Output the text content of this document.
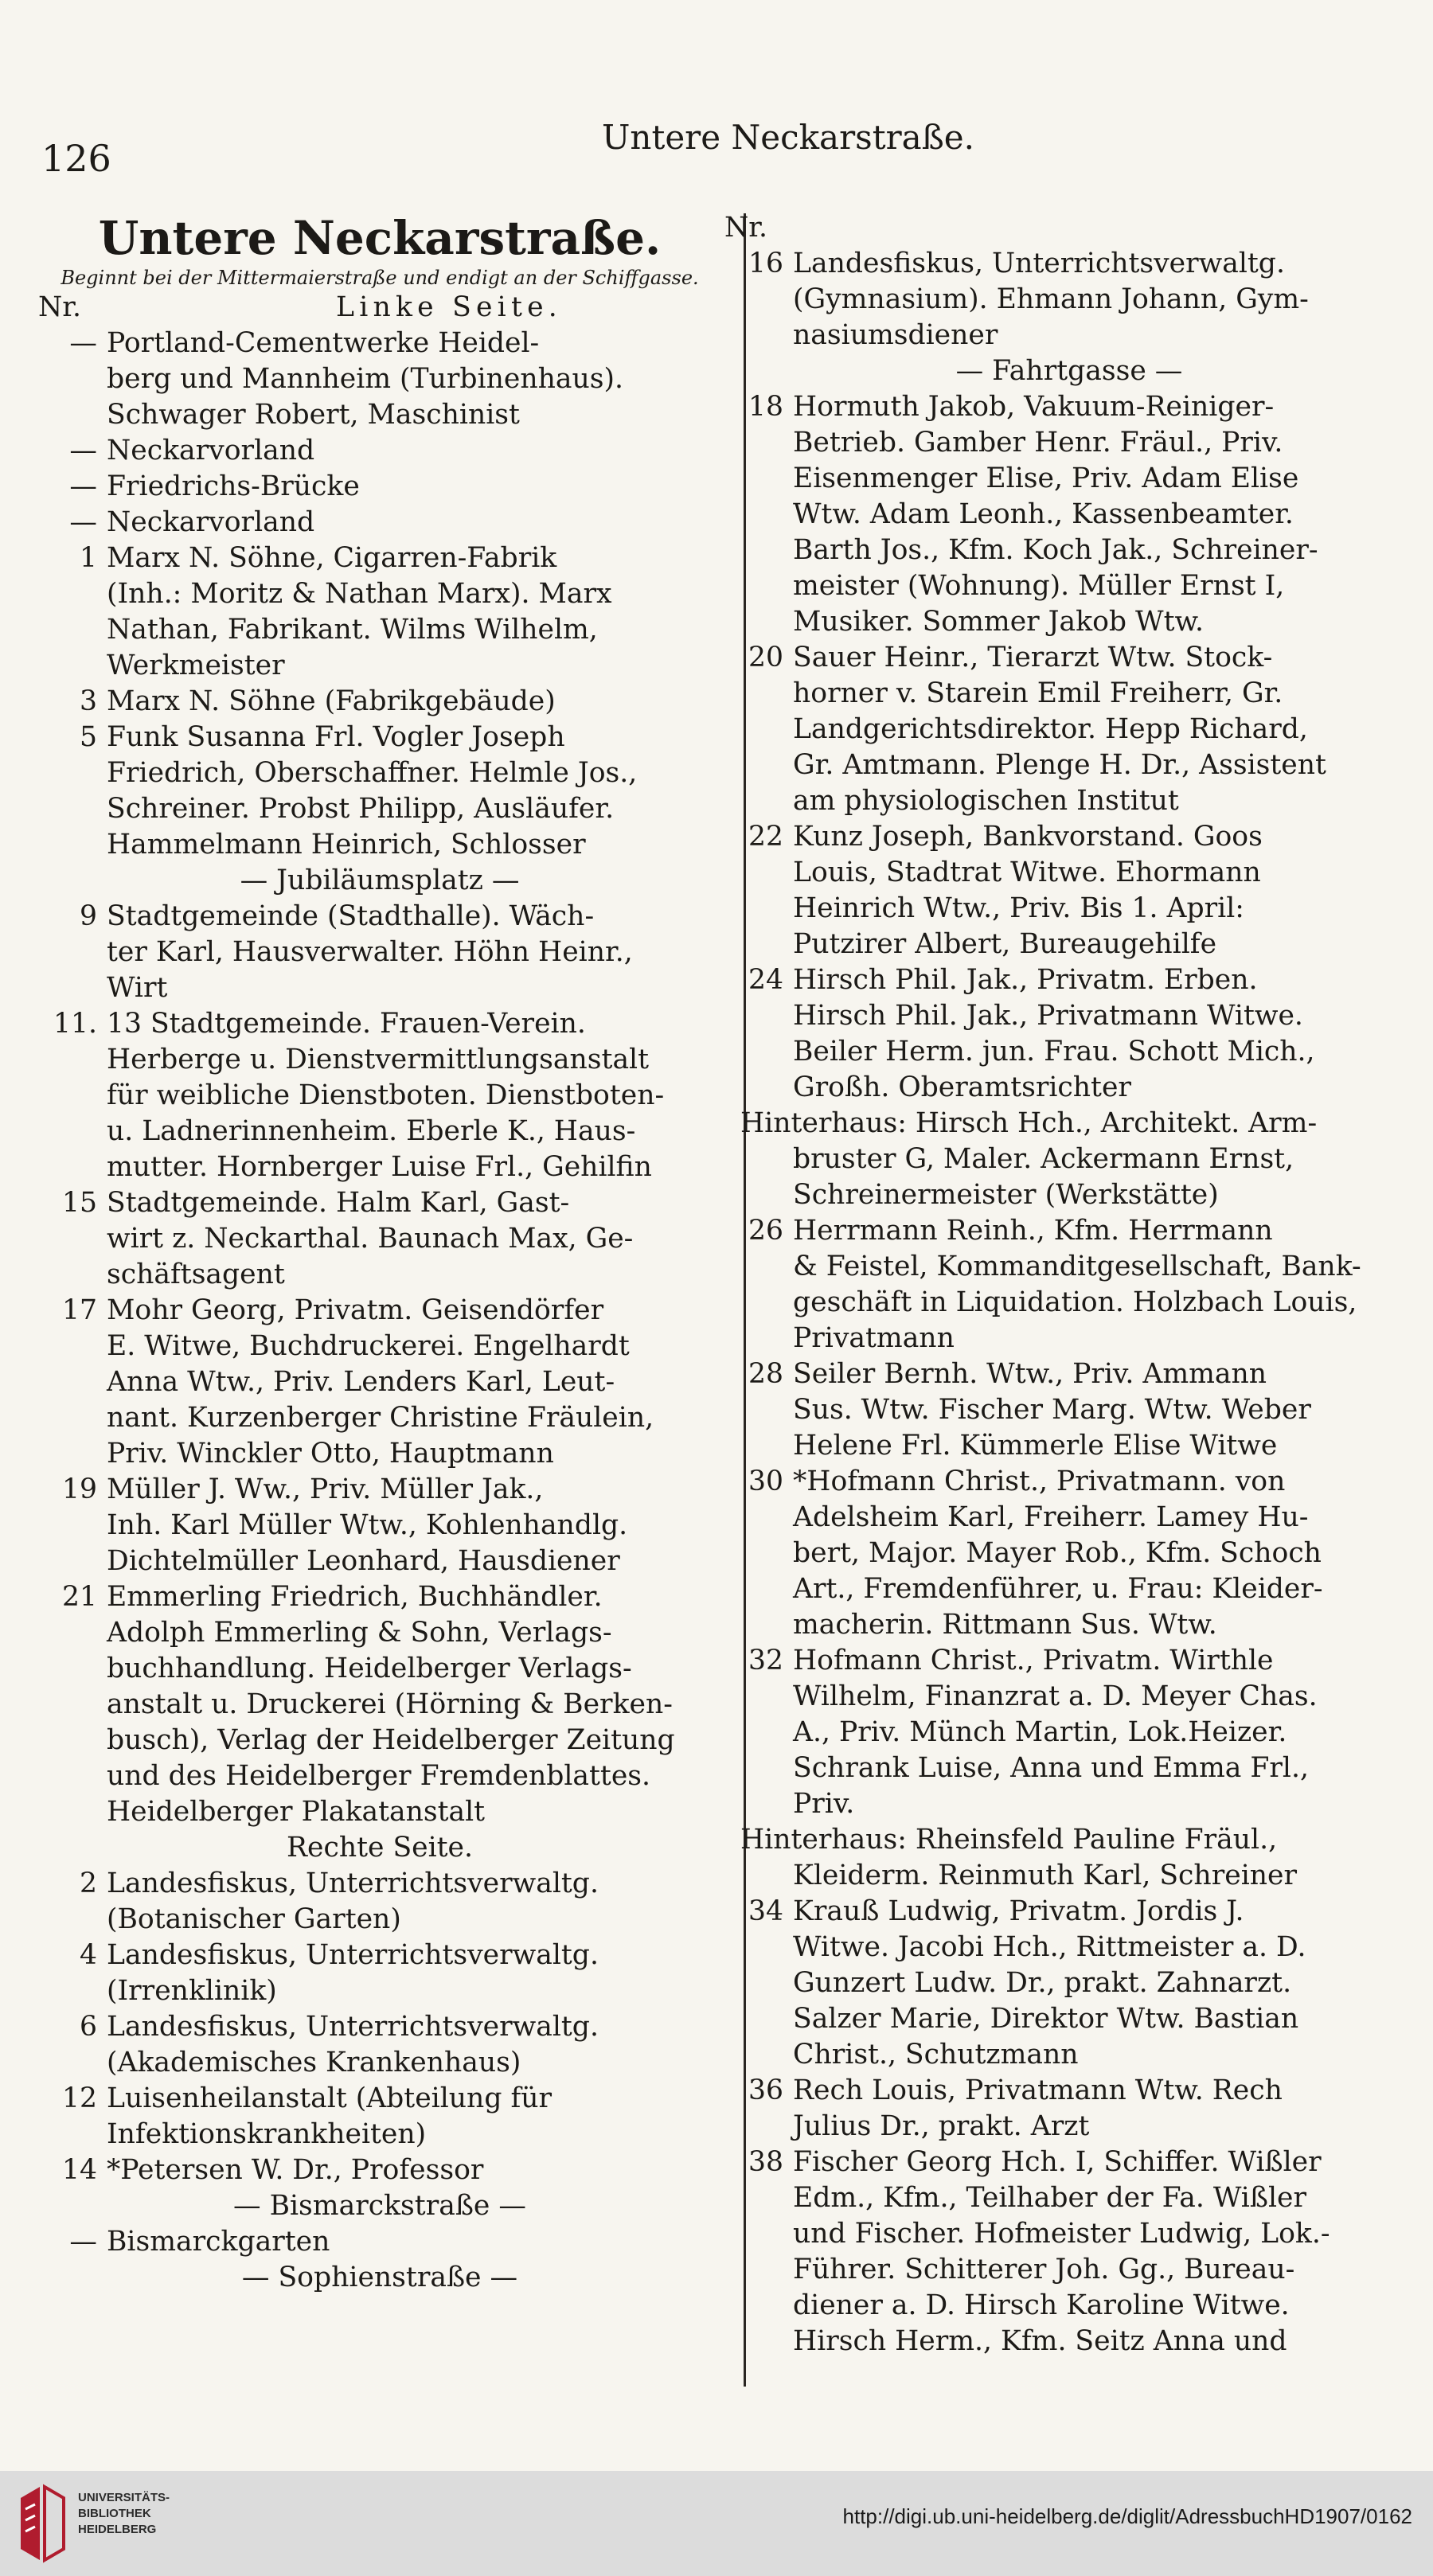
126	Untere Neckarstraße.
Untere Neckarstraße.
Beginnt bei der Mittermaierstraße und endigt an der Schiffgasse.
Nr.	Linke Seite.
— Portland-Cementwerke Heidel-
berg und Mannheim (Turbinenhaus).
Schwager Robert, Maschinist
— Neckarvorland
— Friedrichs-Brücke
— Neckarvorland
1 Marx N. Söhne, Cigarren-Fabrik
(Inh.: Moritz & Nathan Marx). Marx
Nathan, Fabrikant. Wilms Wilhelm,
Werkmeister
3 Marx N. Söhne (Fabrikgebäude)
5 Funk Susanna Frl. Vogler Joseph
Friedrich, Oberschaffner. Helmle Jos.,
Schreiner. Probst Philipp, Ausläufer.
Hammelmann Heinrich, Schlosser
— Jubiläumsplatz —
9 Stadtgemeinde (Stadthalle). Wäch-
ter Karl, Hausverwalter. Höhn Heinr.,
Wirt
11. 13 Stadtgemeinde. Frauen-Verein.
Herberge u. Dienstvermittlungsanstalt
für weibliche Dienstboten. Dienstboten-
u. Ladnerinnenheim. Eberle K., Haus-
mutter. Hornberger Luise Frl., Gehilfin
15 Stadtgemeinde. Halm Karl, Gast-
wirt z. Neckarthal. Baunach Max, Ge-
schäftsagent
17 Mohr Georg, Privatm. Geisendörfer
E. Witwe, Buchdruckerei. Engelhardt
Anna Wtw., Priv. Lenders Karl, Leut-
nant. Kurzenberger Christine Fräulein,
Priv. Winckler Otto, Hauptmann
19 Müller J. Ww., Priv. Müller Jak.,
Inh. Karl Müller Wtw., Kohlenhandlg.
Dichtelmüller Leonhard, Hausdiener
21 Emmerling Friedrich, Buchhändler.
Adolph Emmerling & Sohn, Verlags-
buchhandlung. Heidelberger Verlags-
anstalt u. Druckerei (Hörning & Berken-
busch), Verlag der Heidelberger Zeitung
und des Heidelberger Fremdenblattes.
Heidelberger Plakatanstalt
Rechte Seite.
2 Landesfiskus, Unterrichtsverwaltg.
(Botanischer Garten)
4 Landesfiskus, Unterrichtsverwaltg.
(Irrenklinik)
6 Landesfiskus, Unterrichtsverwaltg.
(Akademisches Krankenhaus)
12 Luisenheilanstalt (Abteilung für
Infektionskrankheiten)
14 *Petersen W. Dr., Professor
— Bismarckstraße —
— Bismarckgarten
— Sophienstraße —
Nr.
16 Landesfiskus, Unterrichtsverwaltg.
(Gymnasium). Ehmann Johann, Gym-
nasiumsdiener
— Fahrtgasse —
18 Hormuth Jakob, Vakuum-Reiniger-
Betrieb. Gamber Henr. Fräul., Priv.
Eisenmenger Elise, Priv. Adam Elise
Wtw. Adam Leonh., Kassenbeamter.
Barth Jos., Kfm. Koch Jak., Schreiner-
meister (Wohnung). Müller Ernst I,
Musiker. Sommer Jakob Wtw.
20 Sauer Heinr., Tierarzt Wtw. Stock-
horner v. Starein Emil Freiherr, Gr.
Landgerichtsdirektor. Hepp Richard,
Gr. Amtmann. Plenge H. Dr., Assistent
am physiologischen Institut
22 Kunz Joseph, Bankvorstand. Goos
Louis, Stadtrat Witwe. Ehormann
Heinrich Wtw., Priv. Bis 1. April:
Putzirer Albert, Bureaugehilfe
24 Hirsch Phil. Jak., Privatm. Erben.
Hirsch Phil. Jak., Privatmann Witwe.
Beiler Herm. jun. Frau. Schott Mich.,
Großh. Oberamtsrichter
Hinterhaus: Hirsch Hch., Architekt. Arm-
bruster G, Maler. Ackermann Ernst,
Schreinermeister (Werkstätte)
26 Herrmann Reinh., Kfm. Herrmann
& Feistel, Kommanditgesellschaft, Bank-
geschäft in Liquidation. Holzbach Louis,
Privatmann
28 Seiler Bernh. Wtw., Priv. Ammann
Sus. Wtw. Fischer Marg. Wtw. Weber
Helene Frl. Kümmerle Elise Witwe
30 *Hofmann Christ., Privatmann. von
Adelsheim Karl, Freiherr. Lamey Hu-
bert, Major. Mayer Rob., Kfm. Schoch
Art., Fremdenführer, u. Frau: Kleider-
macherin. Rittmann Sus. Wtw.
32 Hofmann Christ., Privatm. Wirthle
Wilhelm, Finanzrat a. D. Meyer Chas.
A., Priv. Münch Martin, Lok.Heizer.
Schrank Luise, Anna und Emma Frl.,
Priv.
Hinterhaus: Rheinsfeld Pauline Fräul.,
Kleiderm. Reinmuth Karl, Schreiner
34 Krauß Ludwig, Privatm. Jordis J.
Witwe. Jacobi Hch., Rittmeister a. D.
Gunzert Ludw. Dr., prakt. Zahnarzt.
Salzer Marie, Direktor Wtw. Bastian
Christ., Schutzmann
36 Rech Louis, Privatmann Wtw. Rech
Julius Dr., prakt. Arzt
38 Fischer Georg Hch. I, Schiffer. Wißler
Edm., Kfm., Teilhaber der Fa. Wißler
und Fischer. Hofmeister Ludwig, Lok.-
Führer. Schitterer Joh. Gg., Bureau-
diener a. D. Hirsch Karoline Witwe.
Hirsch Herm., Kfm. Seitz Anna und
UNIVERSITÄTS-
BIBLIOTHEK
HEIDELBERG
http://digi.ub.uni-heidelberg.de/diglit/AdressbuchHD1907/0162
